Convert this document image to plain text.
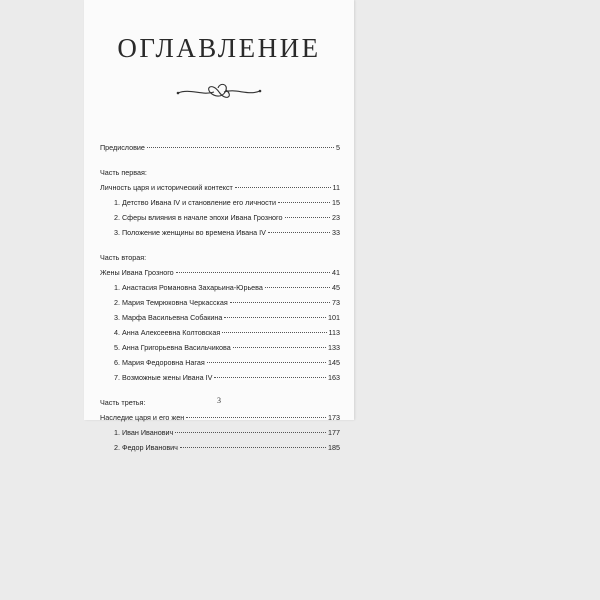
ОГЛАВЛЕНИЕ
Предисловие	5
Часть первая:
Личность царя и исторический контекст	11
1. Детство Ивана IV и становление его личности	15
2. Сферы влияния в начале эпохи Ивана Грозного	23
3. Положение женщины во времена Ивана IV	33
Часть вторая:
Жены Ивана Грозного	41
1. Анастасия Романовна Захарьина-Юрьева	45
2. Мария Темрюковна Черкасская	73
3. Марфа Васильевна Собакина	101
4. Анна Алексеевна Колтовская	113
5. Анна Григорьевна Васильчикова	133
6. Мария Федоровна Нагая	145
7. Возможные жены Ивана IV	163
Часть третья:
Наследие царя и его жен	173
1. Иван Иванович	177
2. Федор Иванович	185
3
